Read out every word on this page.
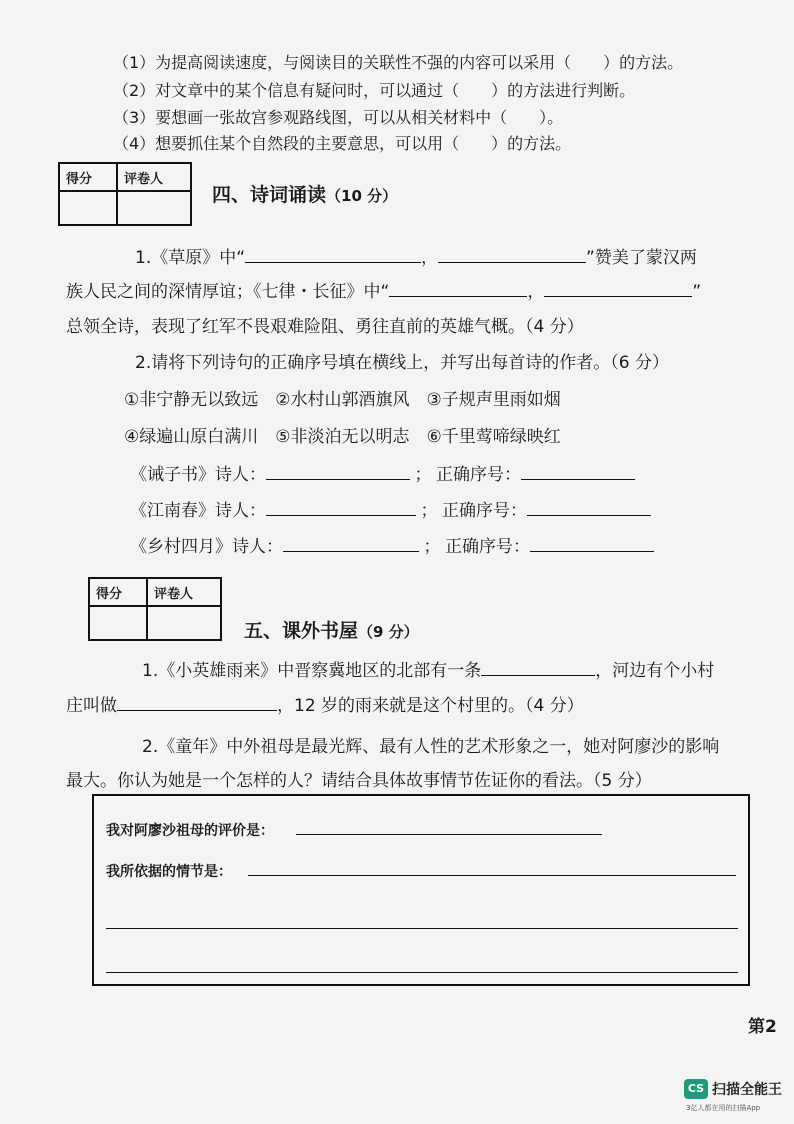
（1）为提高阅读速度，与阅读目的关联性不强的内容可以采用（　　）的方法。
（2）对文章中的某个信息有疑问时，可以通过（　　）的方法进行判断。
（3）要想画一张故宫参观路线图，可以从相关材料中（　　）。
（4）想要抓住某个自然段的主要意思，可以用（　　）的方法。
得分	评卷人

四、诗词诵读（10 分）
1.《草原》中“	，	”赞美了蒙汉两
族人民之间的深情厚谊；《七律・长征》中“	，	”
总领全诗，表现了红军不畏艰难险阻、勇往直前的英雄气概。（4 分）
2.请将下列诗句的正确序号填在横线上，并写出每首诗的作者。（6 分）
①非宁静无以致远　②水村山郭酒旗风　③子规声里雨如烟
④绿遍山原白满川　⑤非淡泊无以明志　⑥千里莺啼绿映红
《诫子书》诗人：	； 正确序号：
《江南春》诗人：	； 正确序号：
《乡村四月》诗人：	； 正确序号：
得分	评卷人

五、课外书屋（9 分）
1.《小英雄雨来》中晋察冀地区的北部有一条	，河边有个小村
庄叫做	，12 岁的雨来就是这个村里的。（4 分）
2.《童年》中外祖母是最光辉、最有人性的艺术形象之一，她对阿廖沙的影响
最大。你认为她是一个怎样的人？请结合具体故事情节佐证你的看法。（5 分）
我对阿廖沙祖母的评价是：
我所依据的情节是：
第2
CS 扫描全能王
3亿人都在用的扫描App
